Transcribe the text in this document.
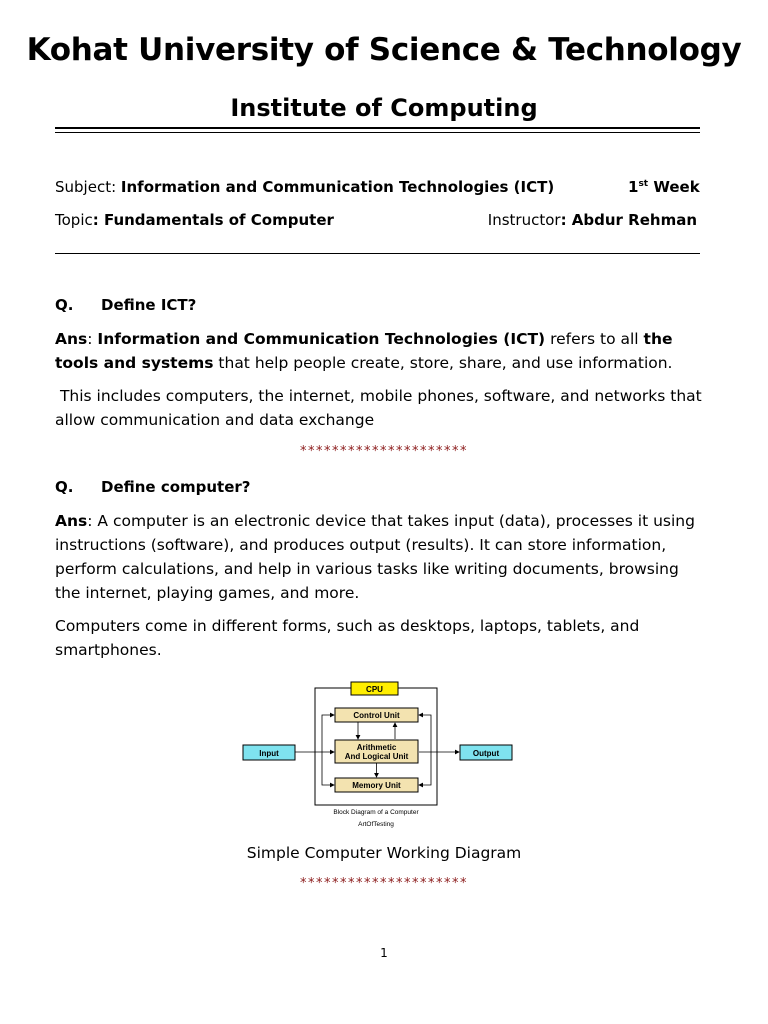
Kohat University of Science & Technology
Institute of Computing
Subject: Information and Communication Technologies (ICT)	1st Week
Topic: Fundamentals of Computer	Instructor: Abdur Rehman
Q. Define ICT?
Ans: Information and Communication Technologies (ICT) refers to all the tools and systems that help people create, store, share, and use information.
This includes computers, the internet, mobile phones, software, and networks that allow communication and data exchange
*********************
Q. Define computer?
Ans: A computer is an electronic device that takes input (data), processes it using instructions (software), and produces output (results). It can store information, perform calculations, and help in various tasks like writing documents, browsing the internet, playing games, and more.
Computers come in different forms, such as desktops, laptops, tablets, and smartphones.
CPU
Control Unit
Arithmetic
And Logical Unit
Memory Unit
Input	Output
Block Diagram of a Computer
ArtOfTesting
Simple Computer Working Diagram
*********************
1
